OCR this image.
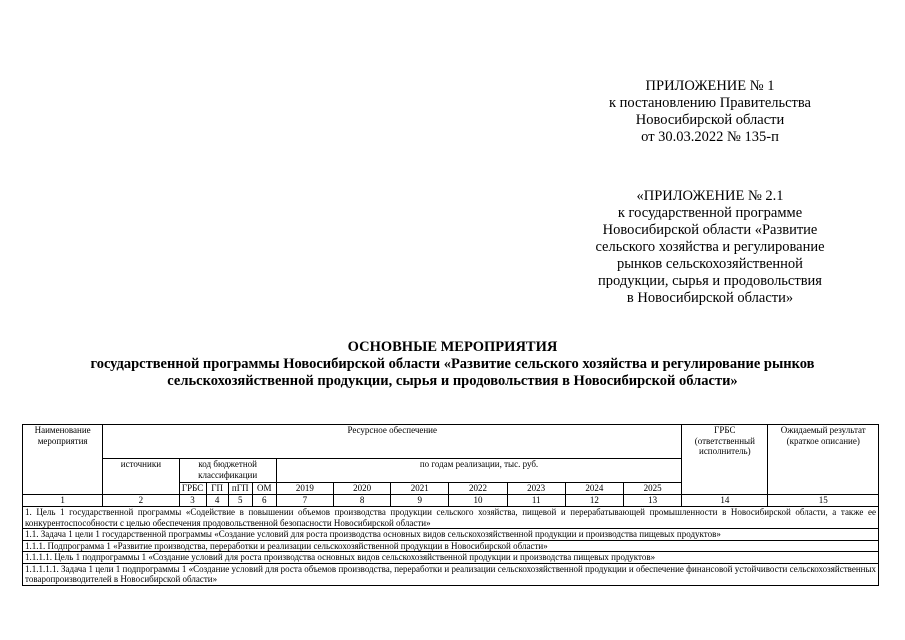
ПРИЛОЖЕНИЕ № 1
к постановлению Правительства
Новосибирской области
от 30.03.2022 № 135-п
«ПРИЛОЖЕНИЕ № 2.1
к государственной программе
Новосибирской области «Развитие
сельского хозяйства и регулирование
рынков сельскохозяйственной
продукции, сырья и продовольствия
в Новосибирской области»
ОСНОВНЫЕ МЕРОПРИЯТИЯ
государственной программы Новосибирской области «Развитие сельского хозяйства и регулирование рынков
сельскохозяйственной продукции, сырья и продовольствия в Новосибирской области»
Наименование мероприятия	Ресурсное обеспечение												ГРБС (ответственный исполнитель)	Ожидаемый результат (краткое описание)
	источники	код бюджетной классификации				по годам реализации, тыс. руб.								
		ГРБС	ГП	пГП	ОМ	2019	2020	2021	2022	2023	2024	2025		
1	2	3	4	5	6	7	8	9	10	11	12	13	14	15
1. Цель 1 государственной программы «Содействие в повышении объемов производства продукции сельского хозяйства, пищевой и перерабатывающей промышленности в Новосибирской области, а также ее конкурентоспособности с целью обеспечения продовольственной безопасности Новосибирской области»														
1.1. Задача 1 цели 1 государственной программы «Создание условий для роста производства основных видов сельскохозяйственной продукции и производства пищевых продуктов»														
1.1.1. Подпрограмма 1 «Развитие производства, переработки и реализации сельскохозяйственной продукции в Новосибирской области»														
1.1.1.1. Цель 1 подпрограммы 1 «Создание условий для роста производства основных видов сельскохозяйственной продукции и производства пищевых продуктов»														
1.1.1.1.1. Задача 1 цели 1 подпрограммы 1 «Создание условий для роста объемов производства, переработки и реализации сельскохозяйственной продукции и обеспечение финансовой устойчивости сельскохозяйственных товаропроизводителей в Новосибирской области»														
